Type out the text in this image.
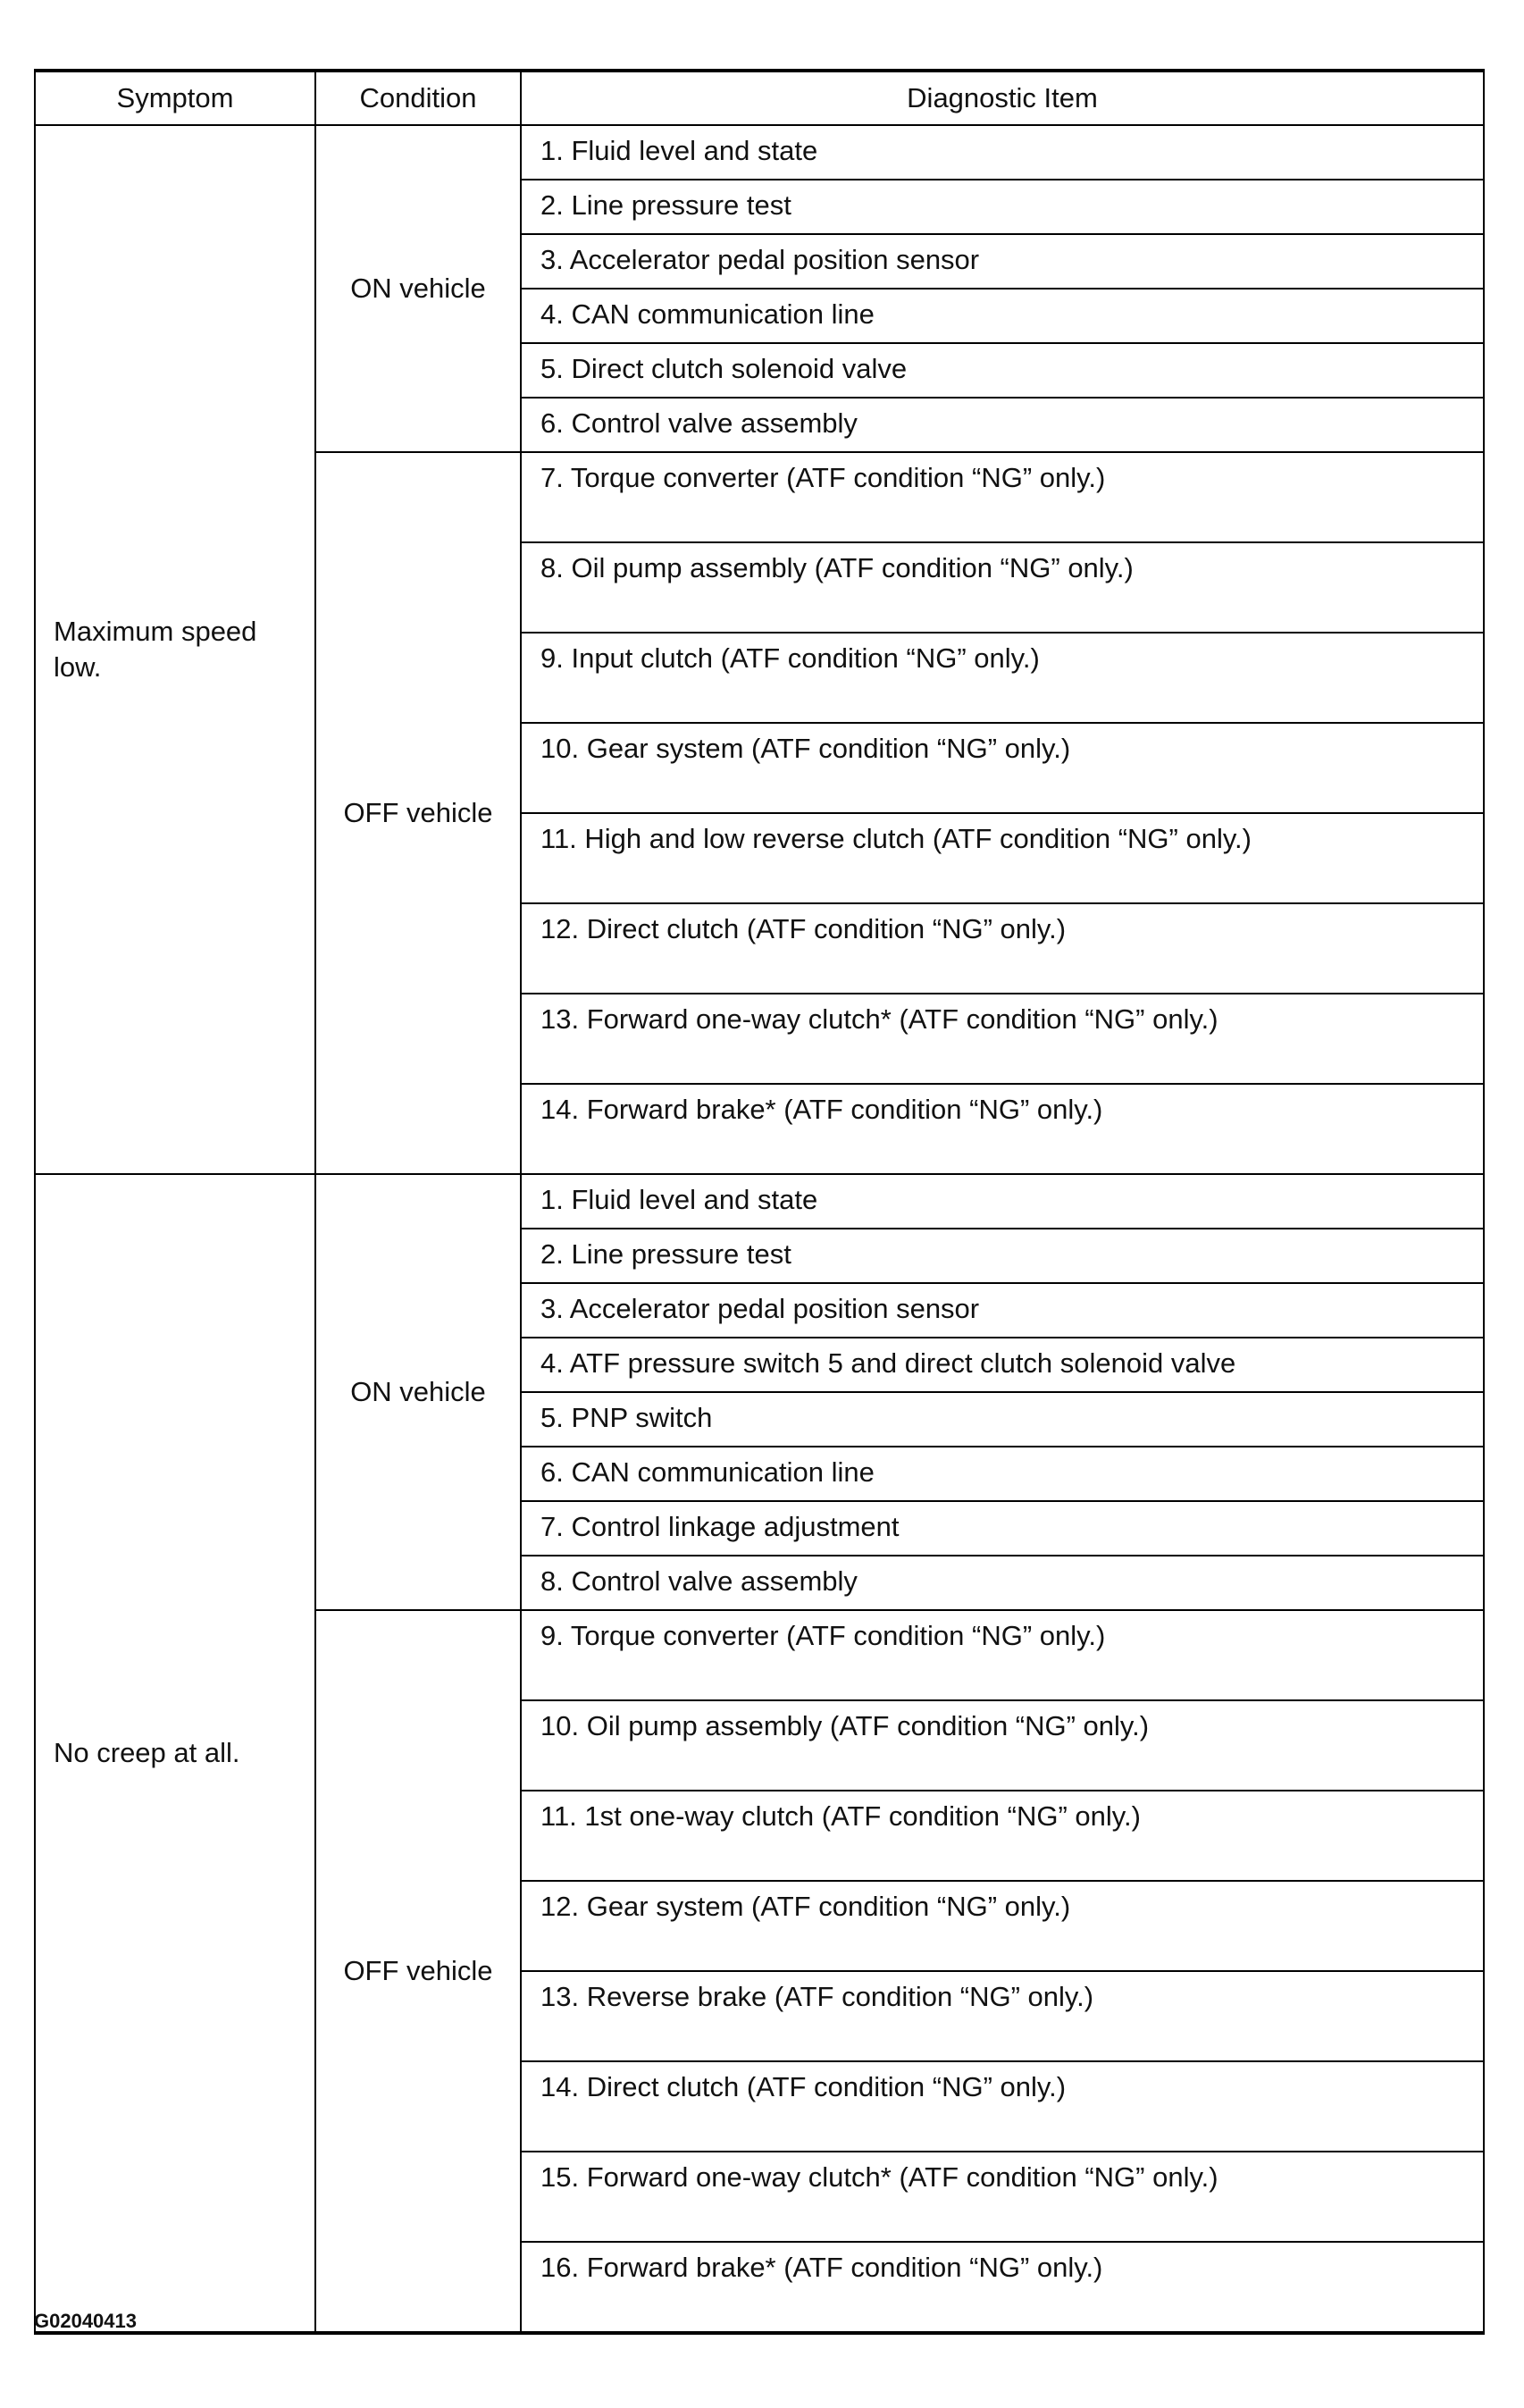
Symptom	Condition	Diagnostic Item
Maximum speed
low.	ON vehicle	1. Fluid level and state
		2. Line pressure test
		3. Accelerator pedal position sensor
		4. CAN communication line
		5. Direct clutch solenoid valve
		6. Control valve assembly
	OFF vehicle	7. Torque converter (ATF condition “NG” only.)
		8. Oil pump assembly (ATF condition “NG” only.)
		9. Input clutch (ATF condition “NG” only.)
		10. Gear system (ATF condition “NG” only.)
		11. High and low reverse clutch (ATF condition “NG” only.)
		12. Direct clutch (ATF condition “NG” only.)
		13. Forward one-way clutch* (ATF condition “NG” only.)
		14. Forward brake* (ATF condition “NG” only.)
No creep at all.	ON vehicle	1. Fluid level and state
		2. Line pressure test
		3. Accelerator pedal position sensor
		4. ATF pressure switch 5 and direct clutch solenoid valve
		5. PNP switch
		6. CAN communication line
		7. Control linkage adjustment
		8. Control valve assembly
	OFF vehicle	9. Torque converter (ATF condition “NG” only.)
		10. Oil pump assembly (ATF condition “NG” only.)
		11. 1st one-way clutch (ATF condition “NG” only.)
		12. Gear system (ATF condition “NG” only.)
		13. Reverse brake (ATF condition “NG” only.)
		14. Direct clutch (ATF condition “NG” only.)
		15. Forward one-way clutch* (ATF condition “NG” only.)
		16. Forward brake* (ATF condition “NG” only.)
G02040413
